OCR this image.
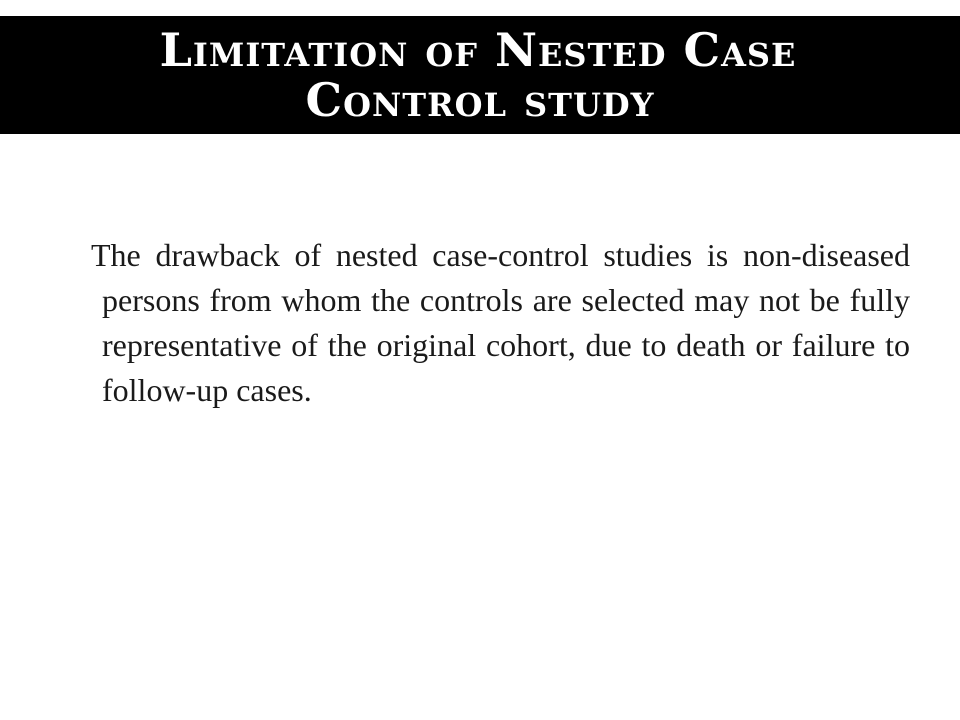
Limitation of Nested Case
Control study

The drawback of nested case-control studies is non-diseased persons from whom the controls are selected may not be fully representative of the original cohort, due to death or failure to follow-up cases.
